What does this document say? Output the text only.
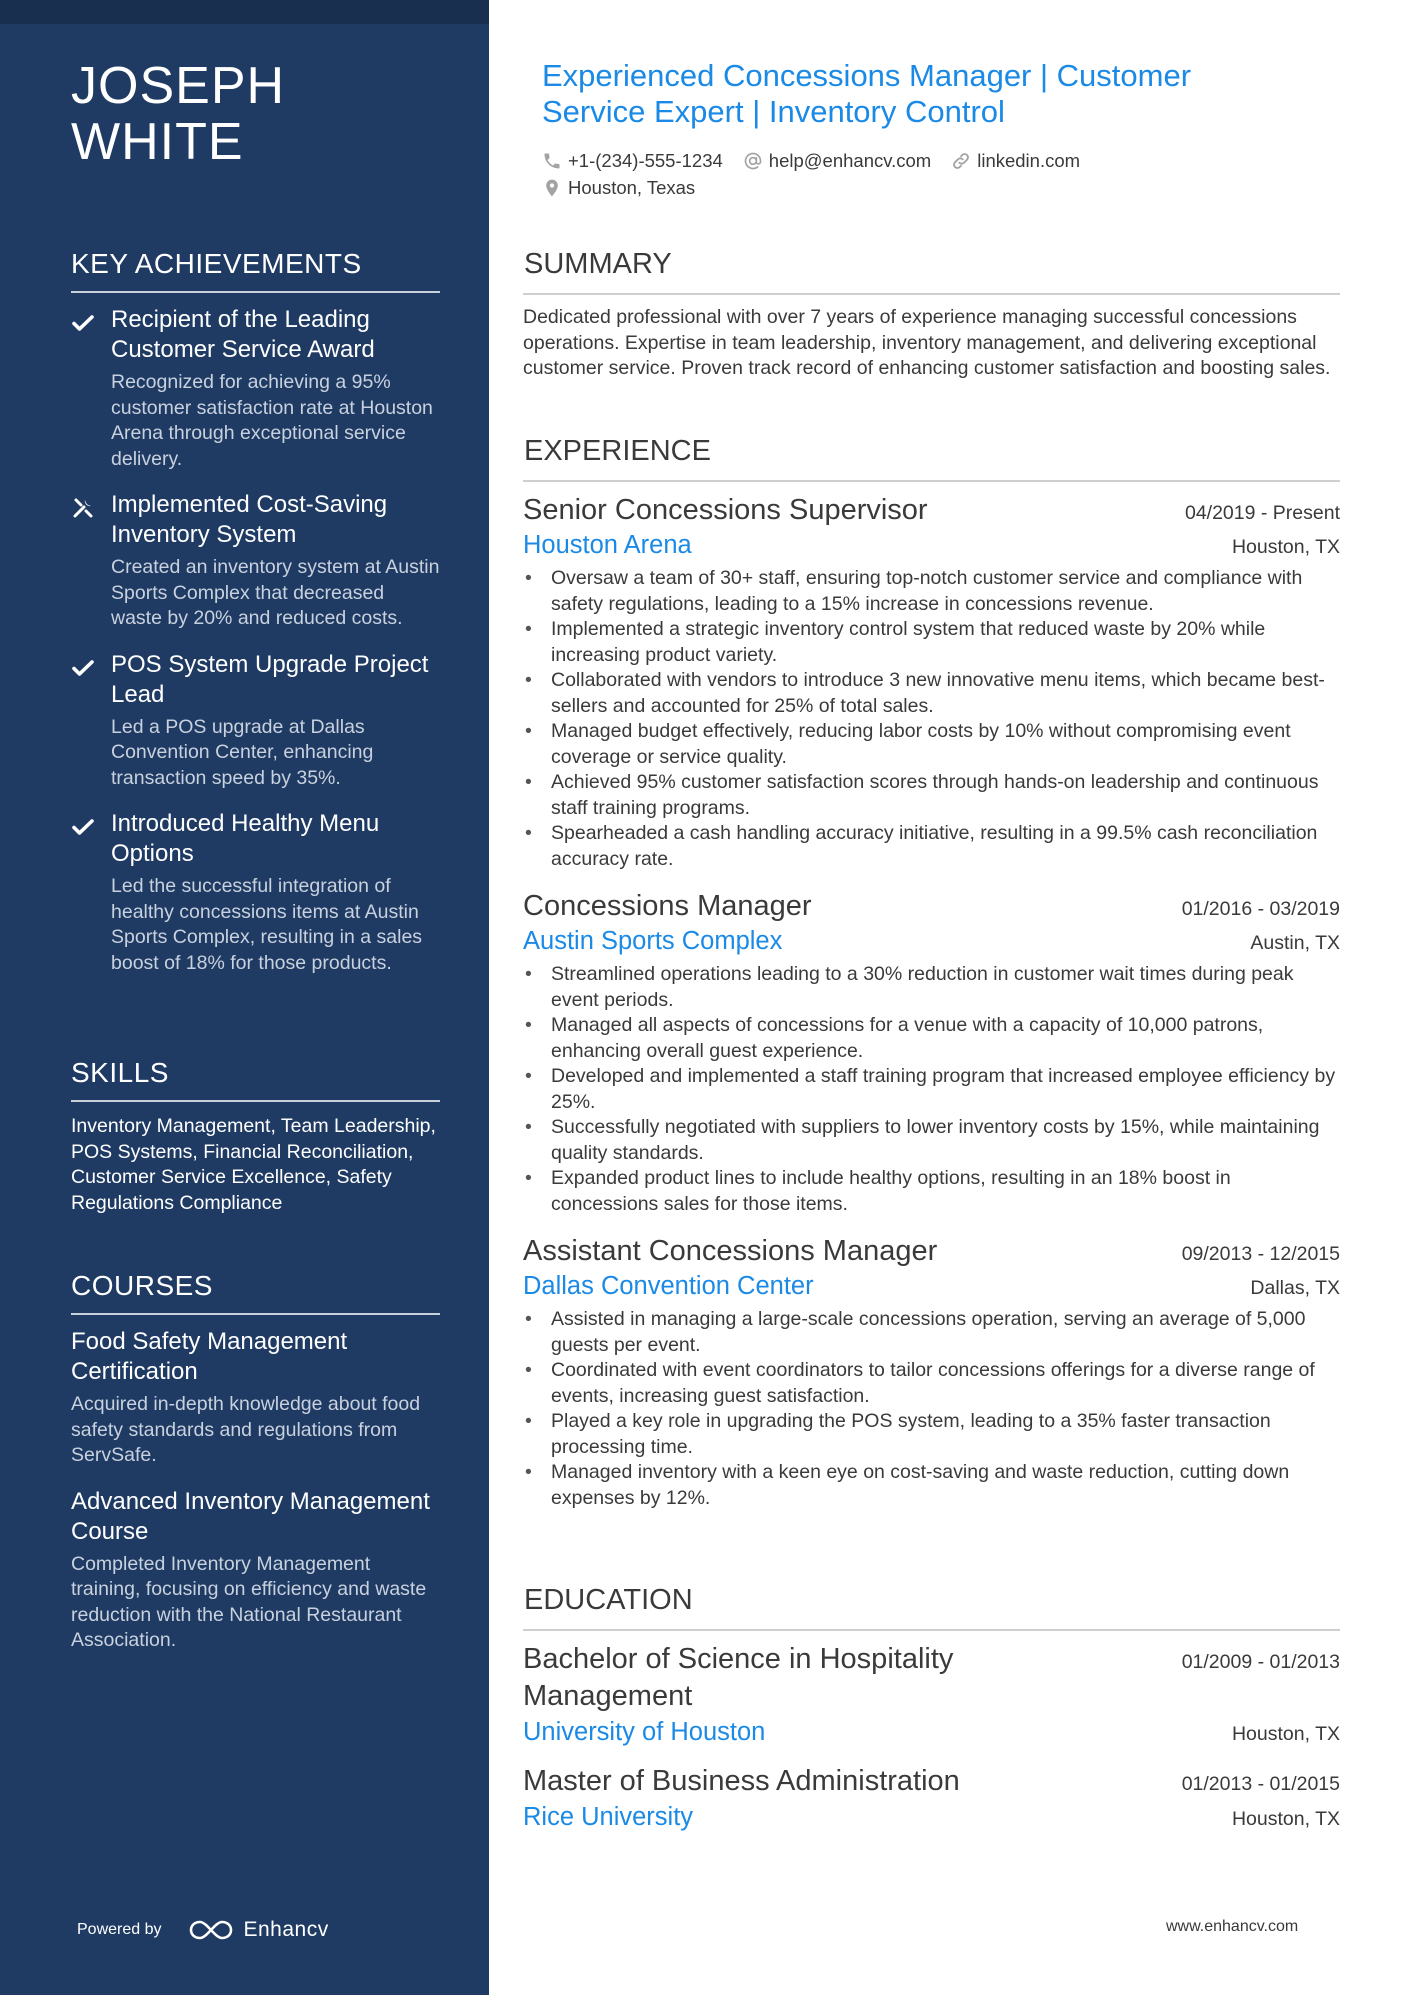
JOSEPH
WHITE
KEY ACHIEVEMENTS
Recipient of the Leading Customer Service Award
Recognized for achieving a 95% customer satisfaction rate at Houston Arena through exceptional service delivery.
Implemented Cost-Saving Inventory System
Created an inventory system at Austin Sports Complex that decreased waste by 20% and reduced costs.
POS System Upgrade Project Lead
Led a POS upgrade at Dallas Convention Center, enhancing transaction speed by 35%.
Introduced Healthy Menu Options
Led the successful integration of healthy concessions items at Austin Sports Complex, resulting in a sales boost of 18% for those products.
SKILLS
Inventory Management, Team Leadership, POS Systems, Financial Reconciliation, Customer Service Excellence, Safety Regulations Compliance
COURSES
Food Safety Management Certification
Acquired in-depth knowledge about food safety standards and regulations from ServSafe.
Advanced Inventory Management Course
Completed Inventory Management training, focusing on efficiency and waste reduction with the National Restaurant Association.
Powered by	Enhancv
Experienced Concessions Manager | Customer Service Expert | Inventory Control
+1-(234)-555-1234 help@enhancv.com linkedin.com
Houston, Texas
SUMMARY
Dedicated professional with over 7 years of experience managing successful concessions operations. Expertise in team leadership, inventory management, and delivering exceptional customer service. Proven track record of enhancing customer satisfaction and boosting sales.
EXPERIENCE
Senior Concessions Supervisor	04/2019 - Present
Houston Arena	Houston, TX
• Oversaw a team of 30+ staff, ensuring top-notch customer service and compliance with safety regulations, leading to a 15% increase in concessions revenue.
• Implemented a strategic inventory control system that reduced waste by 20% while increasing product variety.
• Collaborated with vendors to introduce 3 new innovative menu items, which became best-sellers and accounted for 25% of total sales.
• Managed budget effectively, reducing labor costs by 10% without compromising event coverage or service quality.
• Achieved 95% customer satisfaction scores through hands-on leadership and continuous staff training programs.
• Spearheaded a cash handling accuracy initiative, resulting in a 99.5% cash reconciliation accuracy rate.
Concessions Manager	01/2016 - 03/2019
Austin Sports Complex	Austin, TX
• Streamlined operations leading to a 30% reduction in customer wait times during peak event periods.
• Managed all aspects of concessions for a venue with a capacity of 10,000 patrons, enhancing overall guest experience.
• Developed and implemented a staff training program that increased employee efficiency by 25%.
• Successfully negotiated with suppliers to lower inventory costs by 15%, while maintaining quality standards.
• Expanded product lines to include healthy options, resulting in an 18% boost in concessions sales for those items.
Assistant Concessions Manager	09/2013 - 12/2015
Dallas Convention Center	Dallas, TX
• Assisted in managing a large-scale concessions operation, serving an average of 5,000 guests per event.
• Coordinated with event coordinators to tailor concessions offerings for a diverse range of events, increasing guest satisfaction.
• Played a key role in upgrading the POS system, leading to a 35% faster transaction processing time.
• Managed inventory with a keen eye on cost-saving and waste reduction, cutting down expenses by 12%.
EDUCATION
Bachelor of Science in Hospitality Management
01/2009 - 01/2013
University of Houston	Houston, TX
Master of Business Administration	01/2013 - 01/2015
Rice University	Houston, TX
www.enhancv.com
